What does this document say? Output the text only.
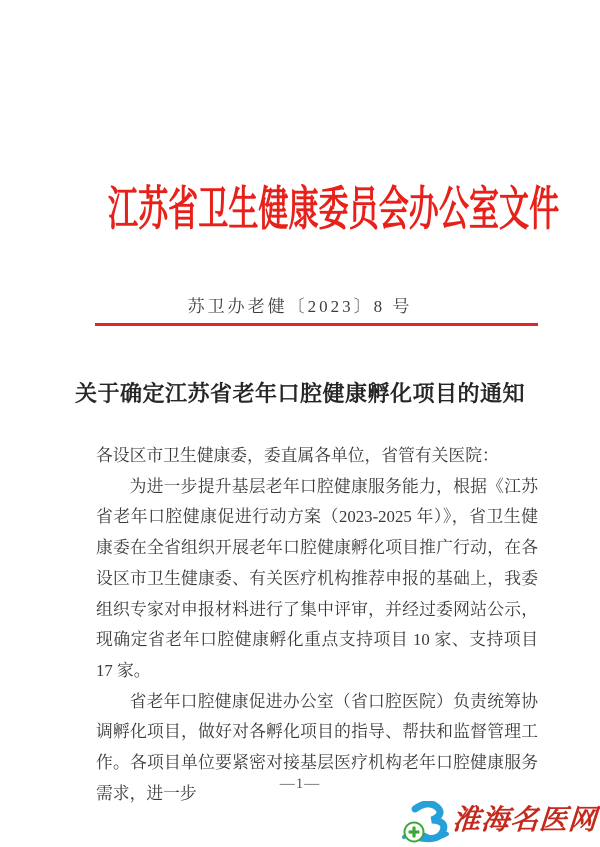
江苏省卫生健康委员会办公室文件
苏卫办老健〔2023〕8 号
关于确定江苏省老年口腔健康孵化项目的通知

各设区市卫生健康委，委直属各单位，省管有关医院：

为进一步提升基层老年口腔健康服务能力，根据《江苏省老年口腔健康促进行动方案（2023-2025 年）》，省卫生健康委在全省组织开展老年口腔健康孵化项目推广行动，在各设区市卫生健康委、有关医疗机构推荐申报的基础上，我委组织专家对申报材料进行了集中评审，并经过委网站公示，现确定省老年口腔健康孵化重点支持项目 10 家、支持项目 17 家。

省老年口腔健康促进办公室（省口腔医院）负责统筹协调孵化项目，做好对各孵化项目的指导、帮扶和监督管理工作。各项目单位要紧密对接基层医疗机构老年口腔健康服务需求，进一步	—1—
淮海名医网
